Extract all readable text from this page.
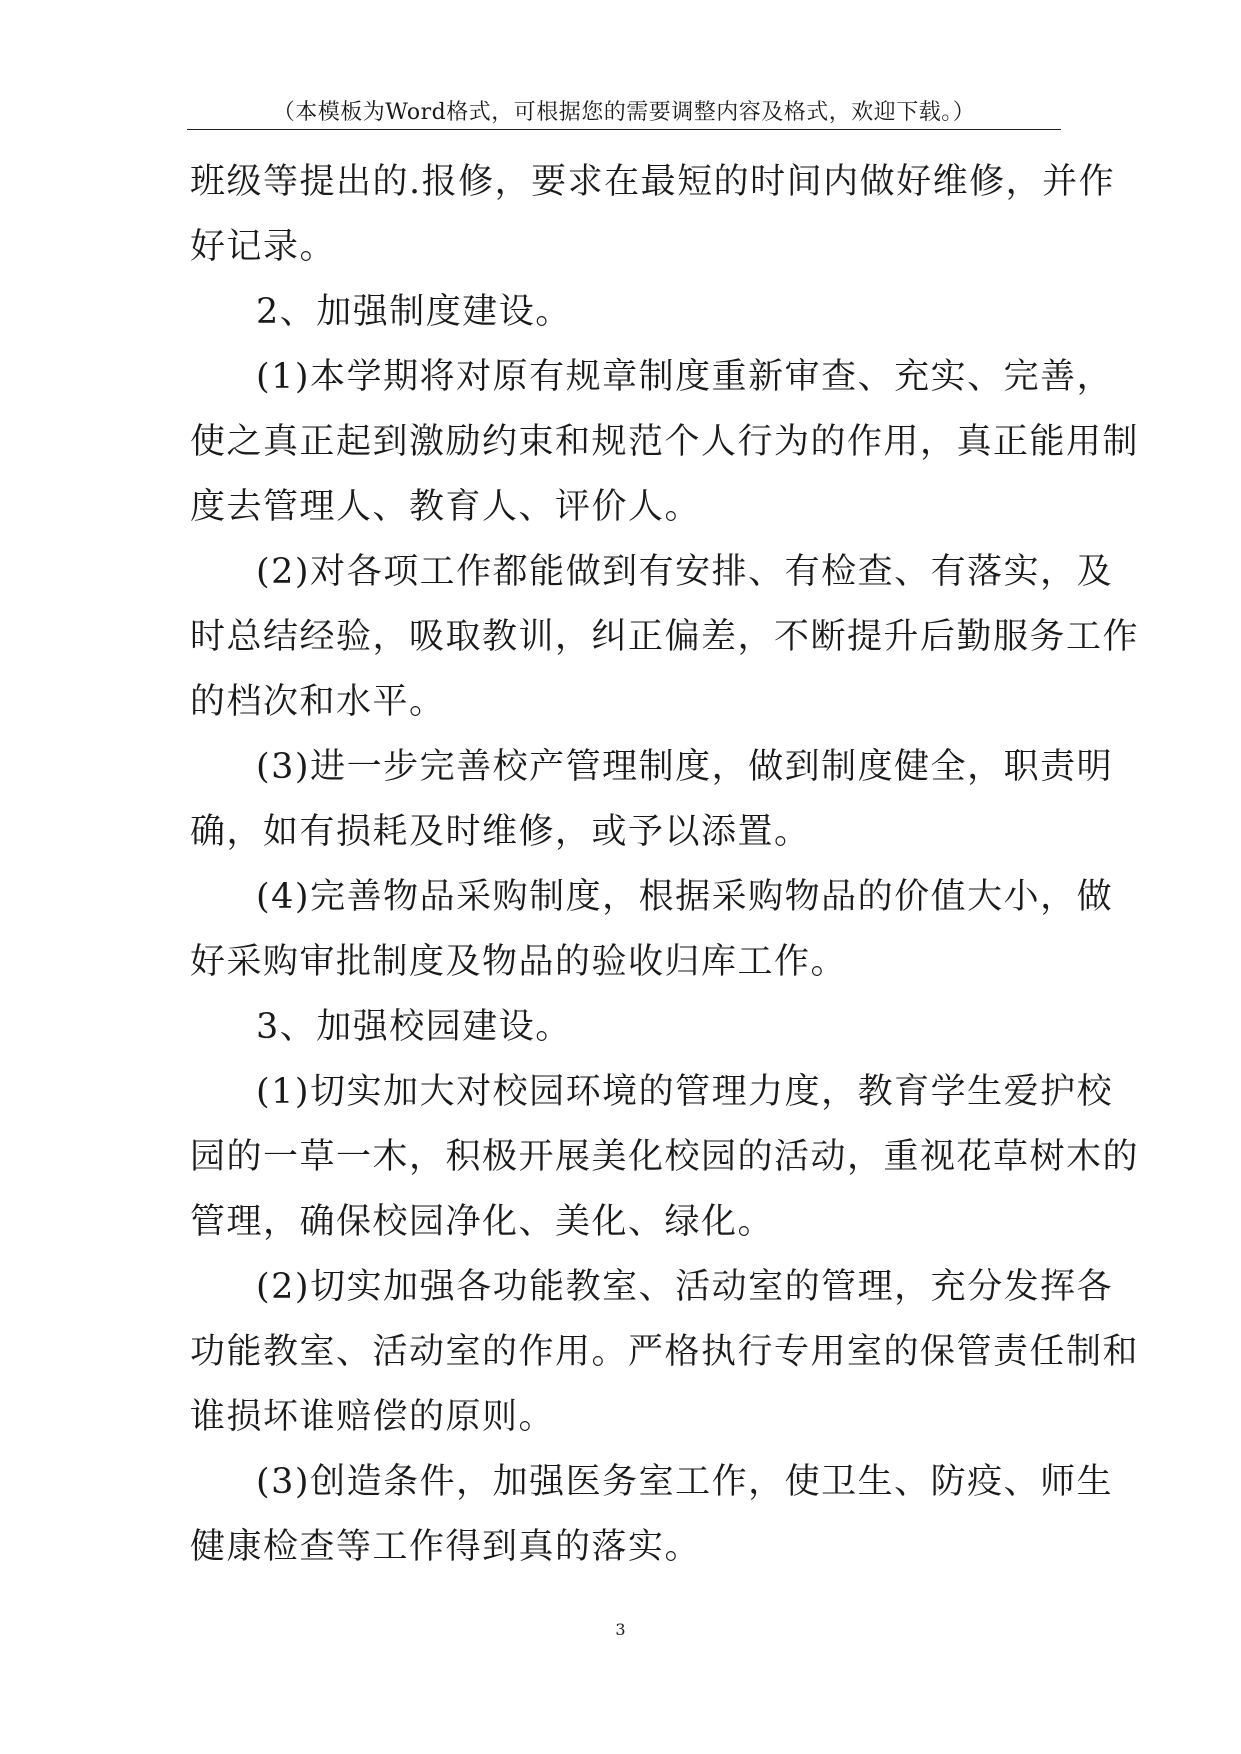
（本模板为Word格式，可根据您的需要调整内容及格式，欢迎下载。）

班级等提出的.报修，要求在最短的时间内做好维修，并作

好记录。

2、加强制度建设。

(1)本学期将对原有规章制度重新审查、充实、完善，

使之真正起到激励约束和规范个人行为的作用，真正能用制

度去管理人、教育人、评价人。

(2)对各项工作都能做到有安排、有检查、有落实，及

时总结经验，吸取教训，纠正偏差，不断提升后勤服务工作

的档次和水平。

(3)进一步完善校产管理制度，做到制度健全，职责明

确，如有损耗及时维修，或予以添置。

(4)完善物品采购制度，根据采购物品的价值大小，做

好采购审批制度及物品的验收归库工作。

3、加强校园建设。

(1)切实加大对校园环境的管理力度，教育学生爱护校

园的一草一木，积极开展美化校园的活动，重视花草树木的

管理，确保校园净化、美化、绿化。

(2)切实加强各功能教室、活动室的管理，充分发挥各

功能教室、活动室的作用。严格执行专用室的保管责任制和

谁损坏谁赔偿的原则。

(3)创造条件，加强医务室工作，使卫生、防疫、师生

健康检查等工作得到真的落实。

3
